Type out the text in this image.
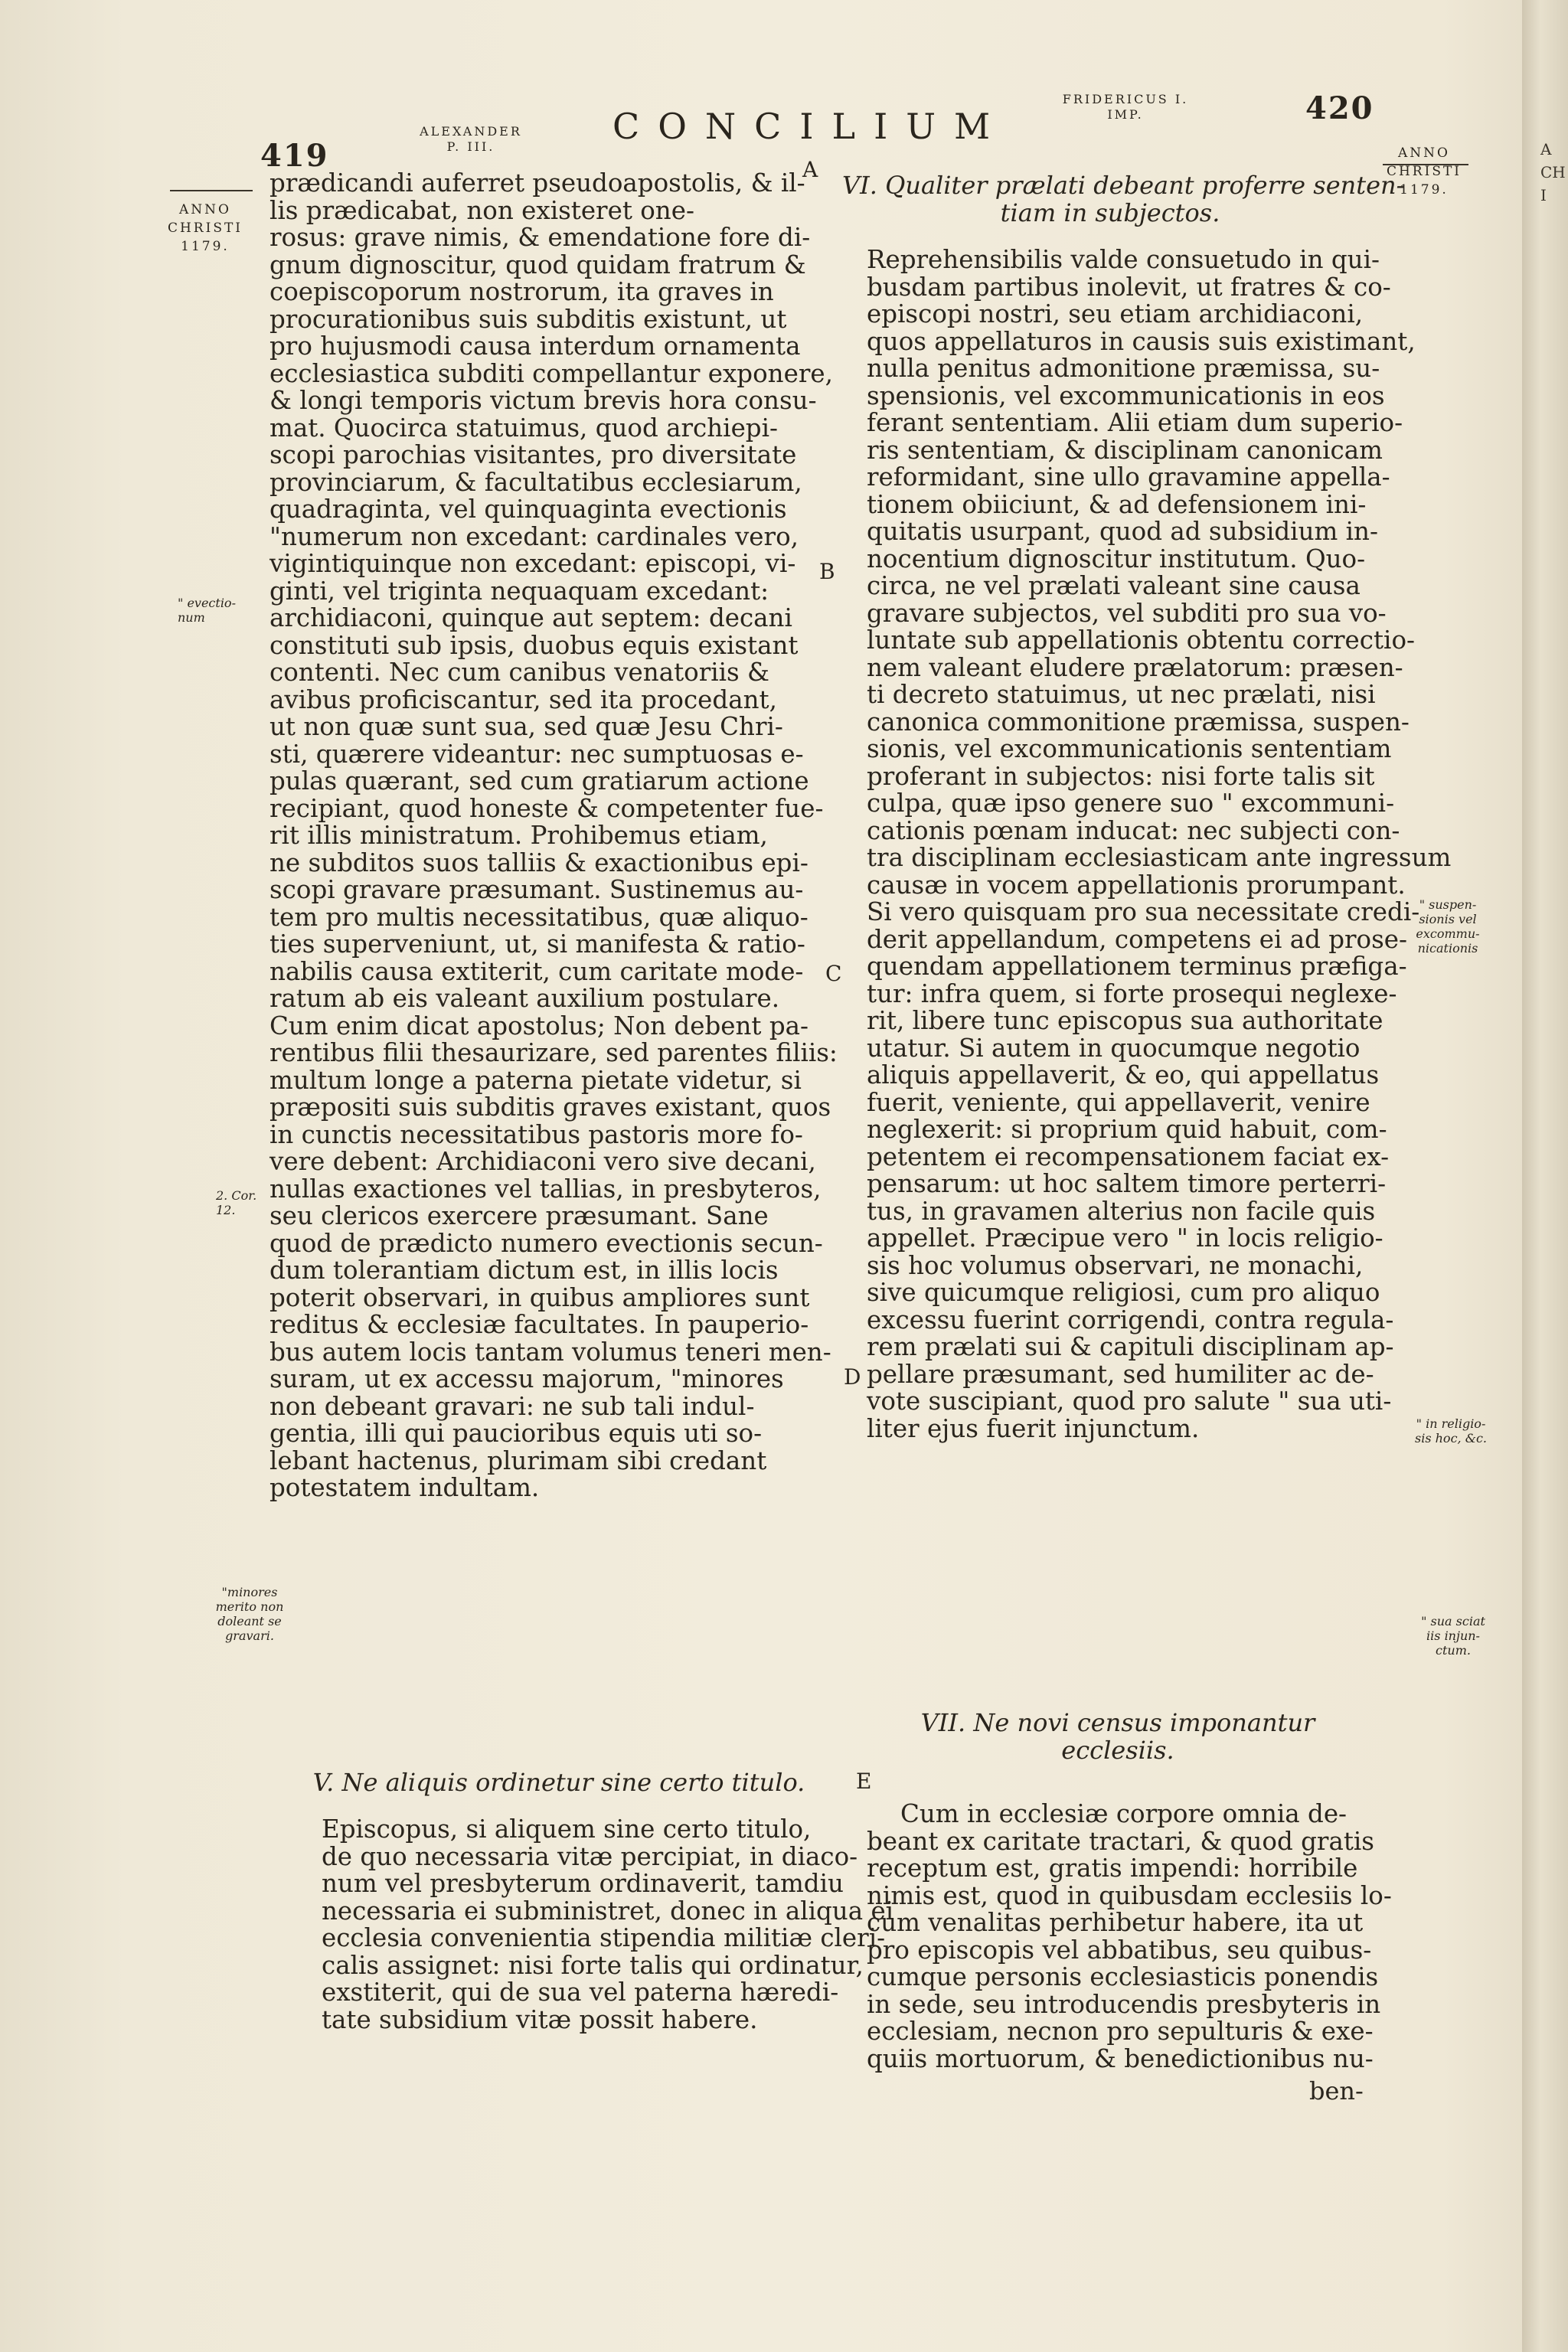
419
ALEXANDER
P. III.	CONCILIUM
FRIDERICUS I.
IMP.	420
ANNO
CHRISTI
1179.
ANNO
CHRISTI
1179.
A
B
C
D
E
prædicandi auferret pseudoapostolis, & il-
lis prædicabat, non existeret one-
rosus: grave nimis, & emendatione fore di-
gnum dignoscitur, quod quidam fratrum &
coepiscoporum nostrorum, ita graves in
procurationibus suis subditis existunt, ut
pro hujusmodi causa interdum ornamenta
ecclesiastica subditi compellantur exponere,
& longi temporis victum brevis hora consu-
mat. Quocirca statuimus, quod archiepi-
scopi parochias visitantes, pro diversitate
provinciarum, & facultatibus ecclesiarum,
quadraginta, vel quinquaginta evectionis
"numerum non excedant: cardinales vero,
vigintiquinque non excedant: episcopi, vi-
ginti, vel triginta nequaquam excedant:
archidiaconi, quinque aut septem: decani
constituti sub ipsis, duobus equis existant
contenti. Nec cum canibus venatoriis &
avibus proficiscantur, sed ita procedant,
ut non quæ sunt sua, sed quæ Jesu Chri-
sti, quærere videantur: nec sumptuosas e-
pulas quærant, sed cum gratiarum actione
recipiant, quod honeste & competenter fue-
rit illis ministratum. Prohibemus etiam,
ne subditos suos talliis & exactionibus epi-
scopi gravare præsumant. Sustinemus au-
tem pro multis necessitatibus, quæ aliquo-
ties superveniunt, ut, si manifesta & ratio-
nabilis causa extiterit, cum caritate mode-
ratum ab eis valeant auxilium postulare.
Cum enim dicat apostolus; Non debent pa-
rentibus filii thesaurizare, sed parentes filiis:
multum longe a paterna pietate videtur, si
præpositi suis subditis graves existant, quos
in cunctis necessitatibus pastoris more fo-
vere debent: Archidiaconi vero sive decani,
nullas exactiones vel tallias, in presbyteros,
seu clericos exercere præsumant. Sane
quod de prædicto numero evectionis secun-
dum tolerantiam dictum est, in illis locis
poterit observari, in quibus ampliores sunt
reditus & ecclesiæ facultates. In pauperio-
bus autem locis tantam volumus teneri men-
suram, ut ex accessu majorum, "minores
non debeant gravari: ne sub tali indul-
gentia, illi qui paucioribus equis uti so-
lebant hactenus, plurimam sibi credant
potestatem indultam.
V. Ne aliquis ordinetur sine certo titulo.
Episcopus, si aliquem sine certo titulo,
de quo necessaria vitæ percipiat, in diaco-
num vel presbyterum ordinaverit, tamdiu
necessaria ei subministret, donec in aliqua ei
ecclesia convenientia stipendia militiæ cleri-
calis assignet: nisi forte talis qui ordinatur,
exstiterit, qui de sua vel paterna hæredi-
tate subsidium vitæ possit habere.
" evectio-
num
2. Cor. 12.
"minores
merito non
doleant se
gravari.
VI. Qualiter prælati debeant proferre senten-
tiam in subjectos.
Reprehensibilis valde consuetudo in qui-
busdam partibus inolevit, ut fratres & co-
episcopi nostri, seu etiam archidiaconi,
quos appellaturos in causis suis existimant,
nulla penitus admonitione præmissa, su-
spensionis, vel excommunicationis in eos
ferant sententiam. Alii etiam dum superio-
ris sententiam, & disciplinam canonicam
reformidant, sine ullo gravamine appella-
tionem obiiciunt, & ad defensionem ini-
quitatis usurpant, quod ad subsidium in-
nocentium dignoscitur institutum. Quo-
circa, ne vel prælati valeant sine causa
gravare subjectos, vel subditi pro sua vo-
luntate sub appellationis obtentu correctio-
nem valeant eludere prælatorum: præsen-
ti decreto statuimus, ut nec prælati, nisi
canonica commonitione præmissa, suspen-
sionis, vel excommunicationis sententiam
proferant in subjectos: nisi forte talis sit
culpa, quæ ipso genere suo " excommuni-
cationis pœnam inducat: nec subjecti con-
tra disciplinam ecclesiasticam ante ingressum
causæ in vocem appellationis prorumpant.
Si vero quisquam pro sua necessitate credi-
derit appellandum, competens ei ad prose-
quendam appellationem terminus præfiga-
tur: infra quem, si forte prosequi neglexe-
rit, libere tunc episcopus sua authoritate
utatur. Si autem in quocumque negotio
aliquis appellaverit, & eo, qui appellatus
fuerit, veniente, qui appellaverit, venire
neglexerit: si proprium quid habuit, com-
petentem ei recompensationem faciat ex-
pensarum: ut hoc saltem timore perterri-
tus, in gravamen alterius non facile quis
appellet. Præcipue vero " in locis religio-
sis hoc volumus observari, ne monachi,
sive quicumque religiosi, cum pro aliquo
excessu fuerint corrigendi, contra regula-
rem prælati sui & capituli disciplinam ap-
pellare præsumant, sed humiliter ac de-
vote suscipiant, quod pro salute " sua uti-
liter ejus fuerit injunctum.
VII. Ne novi census imponantur
ecclesiis.
Cum in ecclesiæ corpore omnia de-
beant ex caritate tractari, & quod gratis
receptum est, gratis impendi: horribile
nimis est, quod in quibusdam ecclesiis lo-
cum venalitas perhibetur habere, ita ut
pro episcopis vel abbatibus, seu quibus-
cumque personis ecclesiasticis ponendis
in sede, seu introducendis presbyteris in
ecclesiam, necnon pro sepulturis & exe-
quiis mortuorum, & benedictionibus nu-
ben-
" suspen-
sionis vel
excommu-
nicationis
" in religio-
sis hoc, &c.
" sua sciat
iis injun-
ctum.
A
CH
I
